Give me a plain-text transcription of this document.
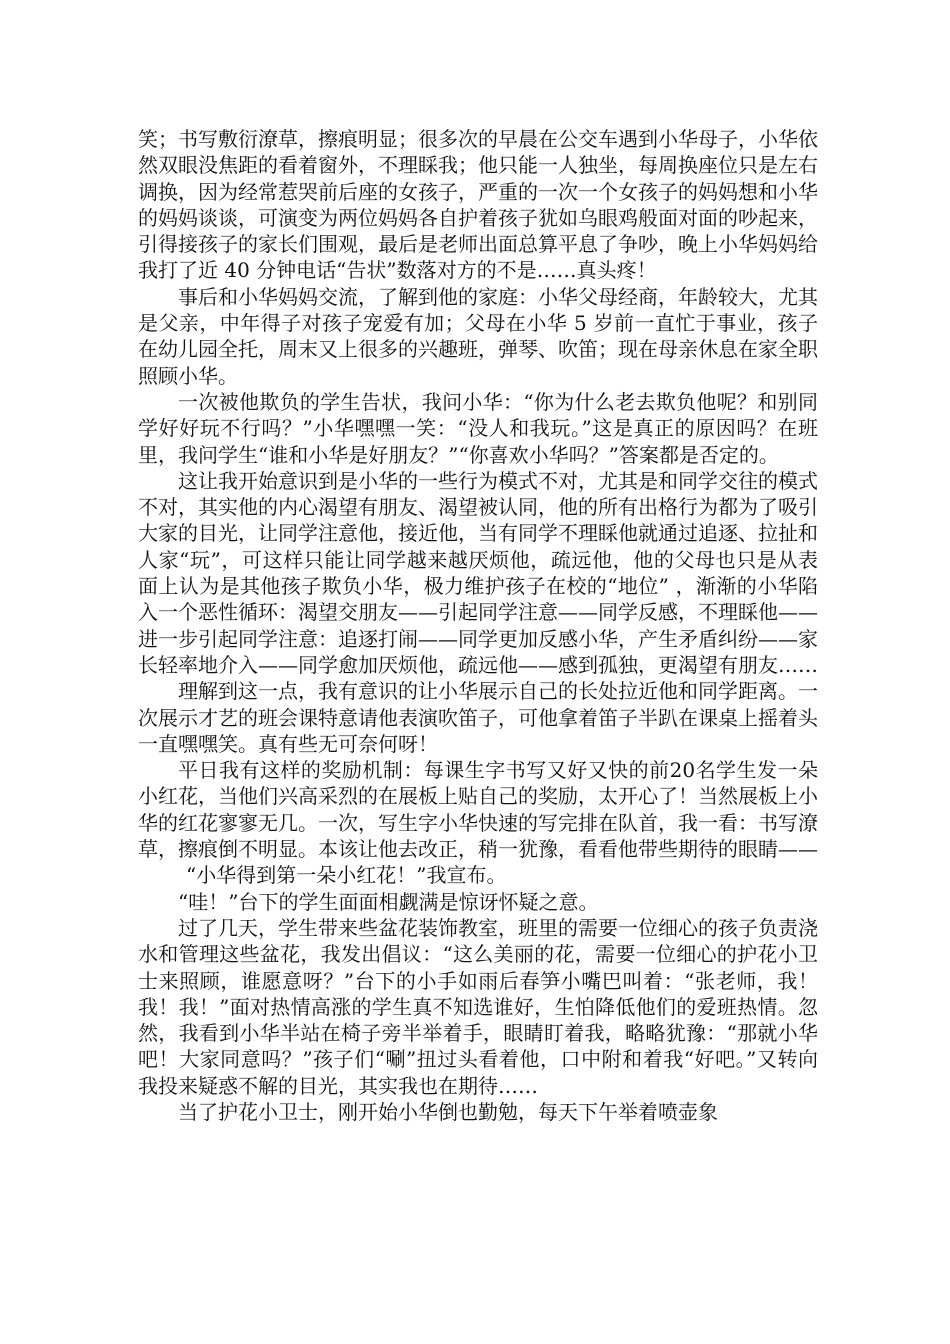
笑；书写敷衍潦草，擦痕明显；很多次的早晨在公交车遇到小华母子，小华依然双眼没焦距的看着窗外，不理睬我；他只能一人独坐，每周换座位只是左右调换，因为经常惹哭前后座的女孩子，严重的一次一个女孩子的妈妈想和小华的妈妈谈谈，可演变为两位妈妈各自护着孩子犹如乌眼鸡般面对面的吵起来，引得接孩子的家长们围观，最后是老师出面总算平息了争吵，晚上小华妈妈给我打了近 40 分钟电话“告状”数落对方的不是……真头疼！

事后和小华妈妈交流，了解到他的家庭：小华父母经商，年龄较大，尤其是父亲，中年得子对孩子宠爱有加；父母在小华 5 岁前一直忙于事业，孩子在幼儿园全托，周末又上很多的兴趣班，弹琴、吹笛；现在母亲休息在家全职照顾小华。

一次被他欺负的学生告状，我问小华：“你为什么老去欺负他呢？和别同学好好玩不行吗？”小华嘿嘿一笑：“没人和我玩。”这是真正的原因吗？在班里，我问学生“谁和小华是好朋友？”“你喜欢小华吗？”答案都是否定的。

这让我开始意识到是小华的一些行为模式不对，尤其是和同学交往的模式不对，其实他的内心渴望有朋友、渴望被认同，他的所有出格行为都为了吸引大家的目光，让同学注意他，接近他，当有同学不理睬他就通过追逐、拉扯和人家“玩”，可这样只能让同学越来越厌烦他，疏远他，他的父母也只是从表面上认为是其他孩子欺负小华，极力维护孩子在校的“地位” ，渐渐的小华陷入一个恶性循环：渴望交朋友——引起同学注意——同学反感，不理睬他——进一步引起同学注意：追逐打闹——同学更加反感小华，产生矛盾纠纷——家长轻率地介入——同学愈加厌烦他，疏远他——感到孤独，更渴望有朋友……

理解到这一点，我有意识的让小华展示自己的长处拉近他和同学距离。一次展示才艺的班会课特意请他表演吹笛子，可他拿着笛子半趴在课桌上摇着头一直嘿嘿笑。真有些无可奈何呀！

平日我有这样的奖励机制：每课生字书写又好又快的前20名学生发一朵小红花，当他们兴高采烈的在展板上贴自己的奖励，太开心了！当然展板上小华的红花寥寥无几。一次，写生字小华快速的写完排在队首，我一看：书写潦草，擦痕倒不明显。本该让他去改正，稍一犹豫，看看他带些期待的眼睛——

“小华得到第一朵小红花！”我宣布。

“哇！”台下的学生面面相觑满是惊讶怀疑之意。

过了几天，学生带来些盆花装饰教室，班里的需要一位细心的孩子负责浇水和管理这些盆花，我发出倡议：“这么美丽的花，需要一位细心的护花小卫士来照顾，谁愿意呀？”台下的小手如雨后春笋小嘴巴叫着：“张老师，我！我！我！”面对热情高涨的学生真不知选谁好，生怕降低他们的爱班热情。忽然，我看到小华半站在椅子旁半举着手，眼睛盯着我，略略犹豫：“那就小华吧！大家同意吗？”孩子们“唰”扭过头看着他，口中附和着我“好吧。”又转向我投来疑惑不解的目光，其实我也在期待……

当了护花小卫士，刚开始小华倒也勤勉，每天下午举着喷壶象
